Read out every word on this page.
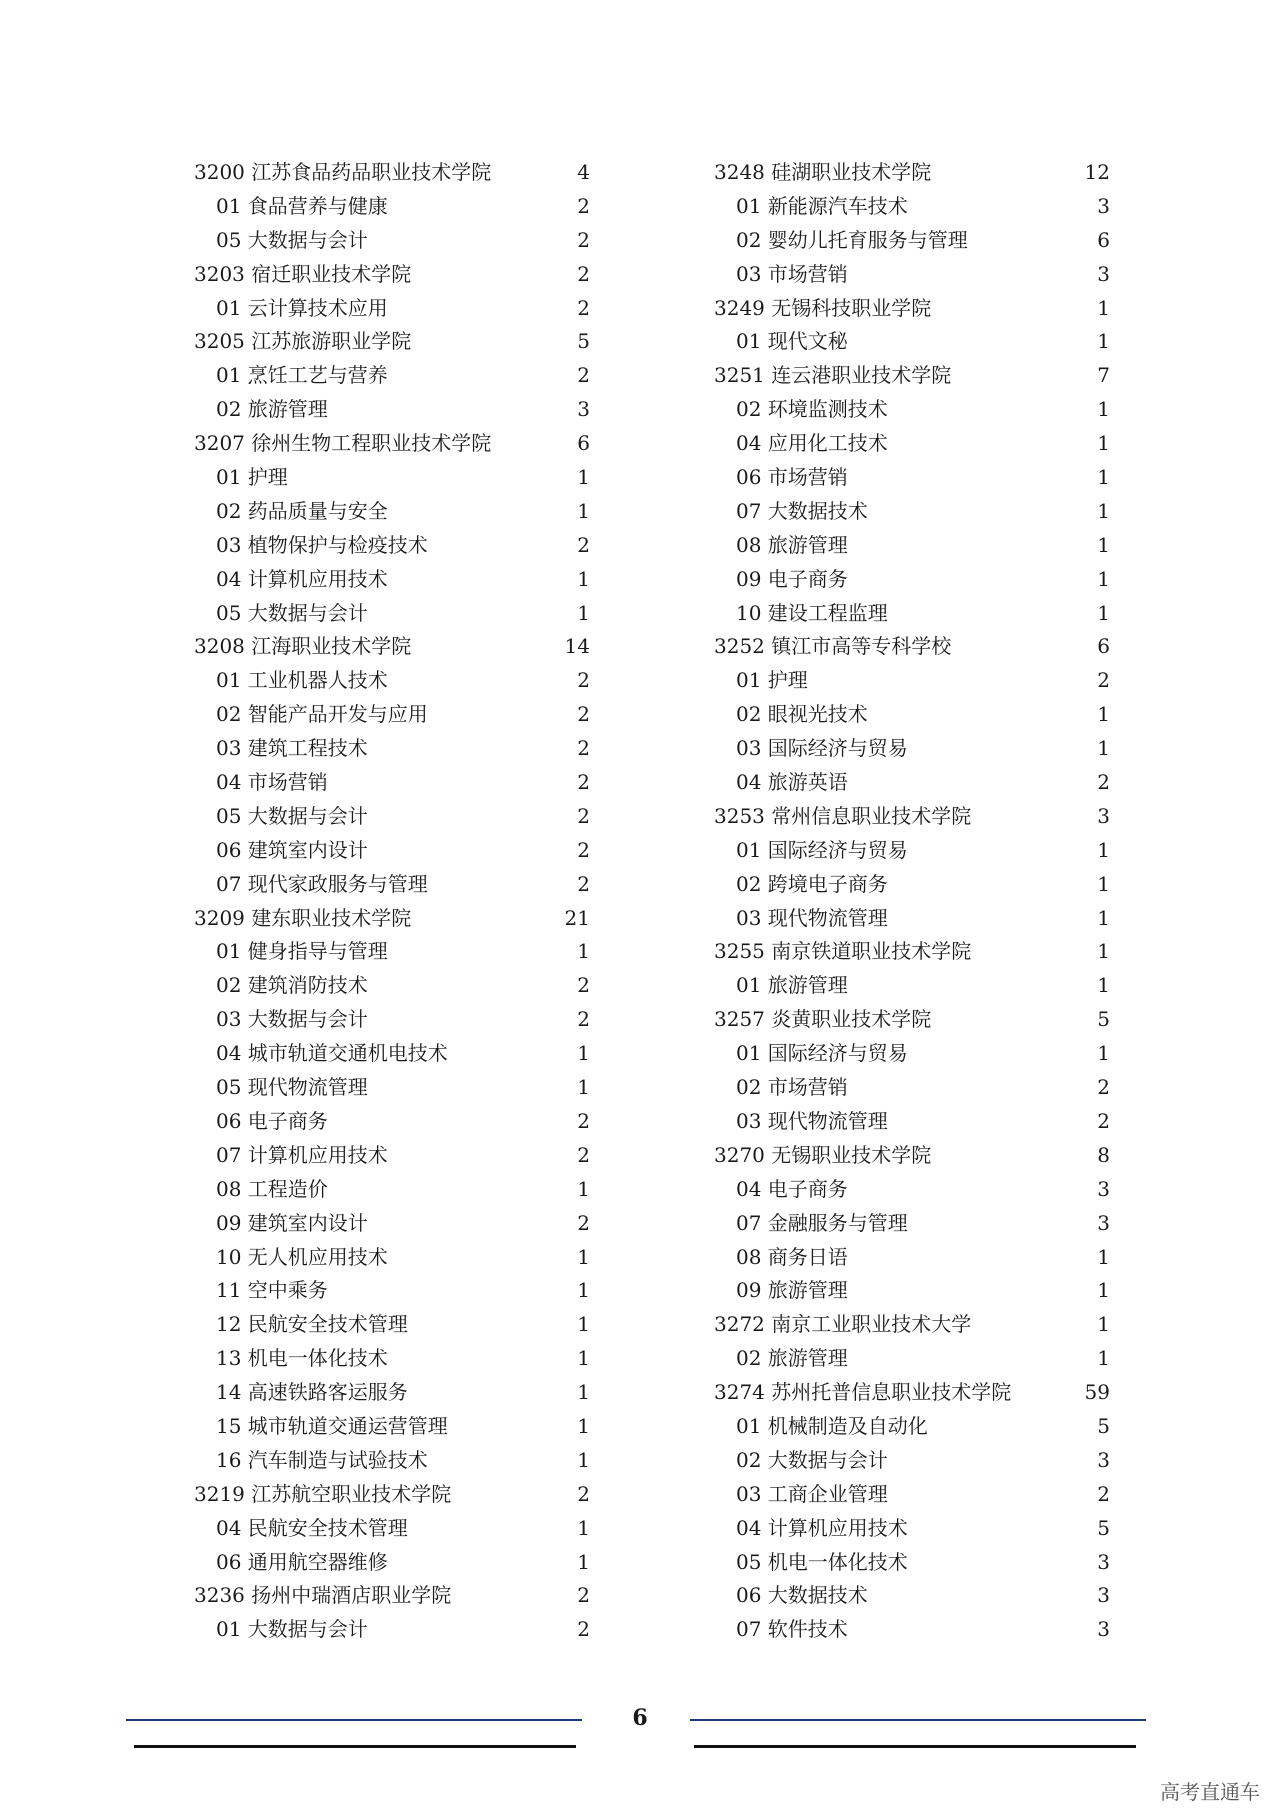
3200 江苏食品药品职业技术学院	4
01 食品营养与健康	2
05 大数据与会计	2
3203 宿迁职业技术学院	2
01 云计算技术应用	2
3205 江苏旅游职业学院	5
01 烹饪工艺与营养	2
02 旅游管理	3
3207 徐州生物工程职业技术学院	6
01 护理	1
02 药品质量与安全	1
03 植物保护与检疫技术	2
04 计算机应用技术	1
05 大数据与会计	1
3208 江海职业技术学院	14
01 工业机器人技术	2
02 智能产品开发与应用	2
03 建筑工程技术	2
04 市场营销	2
05 大数据与会计	2
06 建筑室内设计	2
07 现代家政服务与管理	2
3209 建东职业技术学院	21
01 健身指导与管理	1
02 建筑消防技术	2
03 大数据与会计	2
04 城市轨道交通机电技术	1
05 现代物流管理	1
06 电子商务	2
07 计算机应用技术	2
08 工程造价	1
09 建筑室内设计	2
10 无人机应用技术	1
11 空中乘务	1
12 民航安全技术管理	1
13 机电一体化技术	1
14 高速铁路客运服务	1
15 城市轨道交通运营管理	1
16 汽车制造与试验技术	1
3219 江苏航空职业技术学院	2
04 民航安全技术管理	1
06 通用航空器维修	1
3236 扬州中瑞酒店职业学院	2
01 大数据与会计	2
3248 硅湖职业技术学院	12
01 新能源汽车技术	3
02 婴幼儿托育服务与管理	6
03 市场营销	3
3249 无锡科技职业学院	1
01 现代文秘	1
3251 连云港职业技术学院	7
02 环境监测技术	1
04 应用化工技术	1
06 市场营销	1
07 大数据技术	1
08 旅游管理	1
09 电子商务	1
10 建设工程监理	1
3252 镇江市高等专科学校	6
01 护理	2
02 眼视光技术	1
03 国际经济与贸易	1
04 旅游英语	2
3253 常州信息职业技术学院	3
01 国际经济与贸易	1
02 跨境电子商务	1
03 现代物流管理	1
3255 南京铁道职业技术学院	1
01 旅游管理	1
3257 炎黄职业技术学院	5
01 国际经济与贸易	1
02 市场营销	2
03 现代物流管理	2
3270 无锡职业技术学院	8
04 电子商务	3
07 金融服务与管理	3
08 商务日语	1
09 旅游管理	1
3272 南京工业职业技术大学	1
02 旅游管理	1
3274 苏州托普信息职业技术学院	59
01 机械制造及自动化	5
02 大数据与会计	3
03 工商企业管理	2
04 计算机应用技术	5
05 机电一体化技术	3
06 大数据技术	3
07 软件技术	3
6
高考直通车
